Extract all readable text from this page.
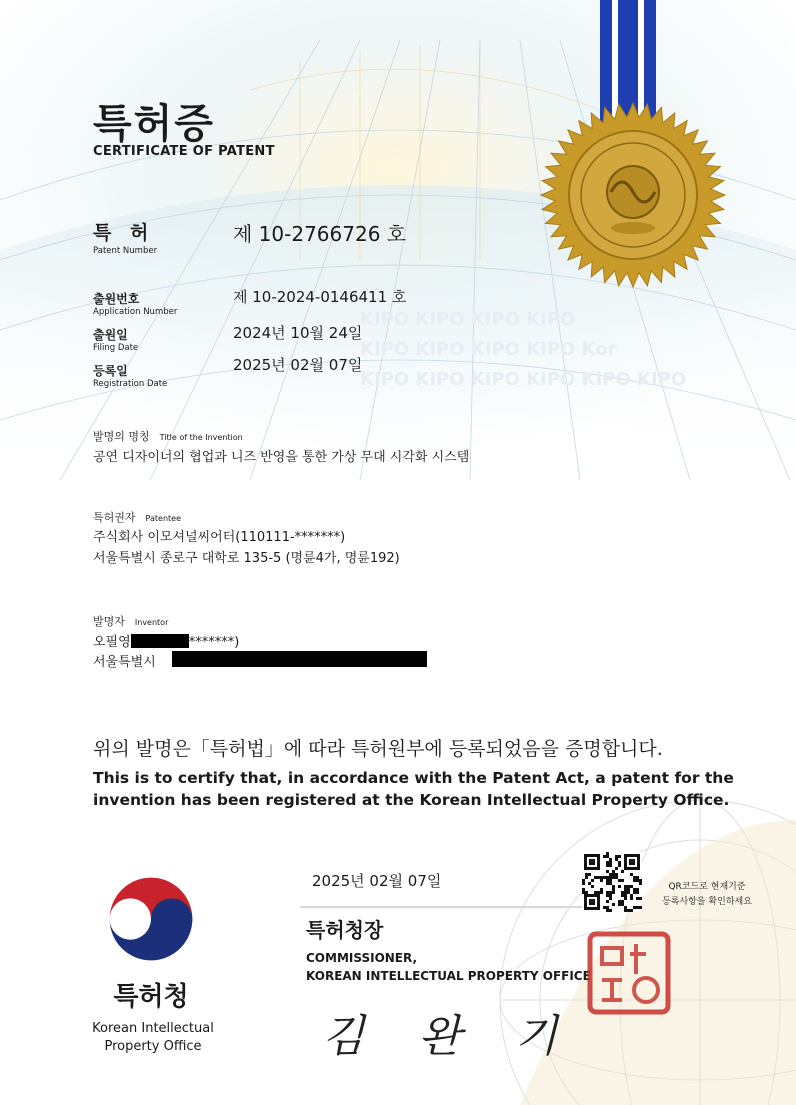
KIPO KIPO KIPO KIPO
KIPO KIPO KIPO KIPO Kor
KIPO KIPO KIPO KIPO KIPO KIPO
특허증
CERTIFICATE OF PATENT
특 허
Patent Number
제 10-2766726 호
출원번호
Application Number
제 10-2024-0146411 호
출원일
Filing Date
2024년 10월 24일
등록일
Registration Date
2025년 02월 07일
발명의 명칭 Title of the Invention
공연 디자이너의 협업과 니즈 반영을 통한 가상 무대 시각화 시스템
특허권자 Patentee
주식회사 이모셔널씨어터(110111-*******)
서울특별시 종로구 대학로 135-5 (명륜4가, 명륜192)
발명자 Inventor
오필영	*******)
서울특별시
위의 발명은「특허법」에 따라 특허원부에 등록되었음을 증명합니다.
This is to certify that, in accordance with the Patent Act, a patent for the
invention has been registered at the Korean Intellectual Property Office.
특허청
Korean Intellectual
Property Office
2025년 02월 07일	QR코드로 현재기준
등록사항을 확인하세요
특허청장
COMMISSIONER,
KOREAN INTELLECTUAL PROPERTY OFFICE
김 완 기
